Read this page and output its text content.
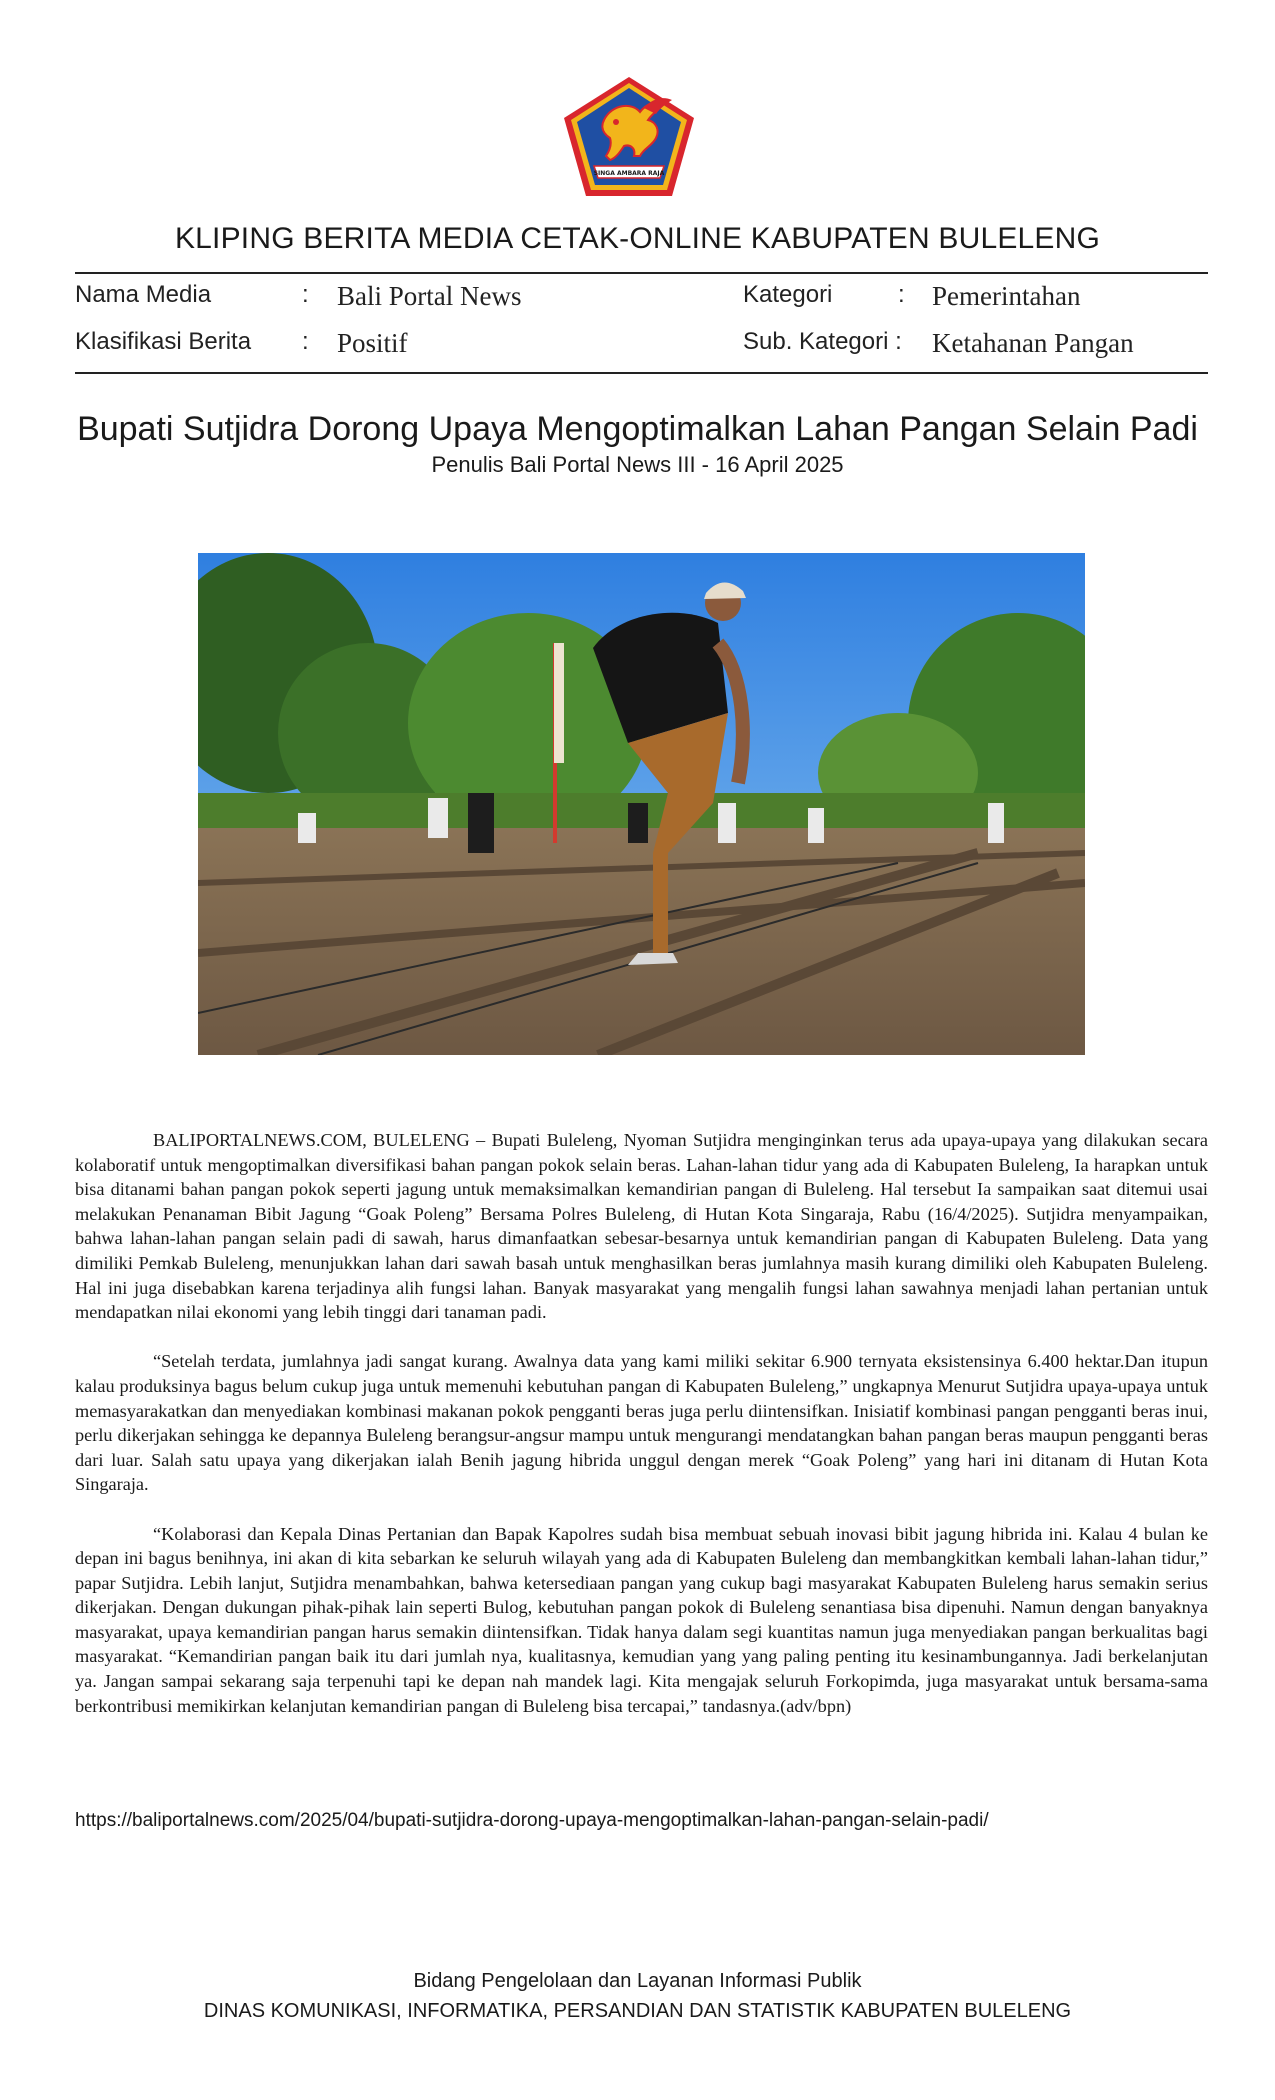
SINGA AMBARA RAJA
KLIPING BERITA MEDIA CETAK-ONLINE KABUPATEN BULELENG
Nama Media	: Bali Portal News	Kategori	: Pemerintahan
Klasifikasi Berita : Positif	Sub. Kategori : Ketahanan Pangan
Bupati Sutjidra Dorong Upaya Mengoptimalkan Lahan Pangan Selain Padi
Penulis Bali Portal News III - 16 April 2025

BALIPORTALNEWS.COM, BULELENG – Bupati Buleleng, Nyoman Sutjidra menginginkan terus ada upaya-upaya yang dilakukan secara kolaboratif untuk mengoptimalkan diversifikasi bahan pangan pokok selain beras. Lahan-lahan tidur yang ada di Kabupaten Buleleng, Ia harapkan untuk bisa ditanami bahan pangan pokok seperti jagung untuk memaksimalkan kemandirian pangan di Buleleng. Hal tersebut Ia sampaikan saat ditemui usai melakukan Penanaman Bibit Jagung “Goak Poleng” Bersama Polres Buleleng, di Hutan Kota Singaraja, Rabu (16/4/2025). Sutjidra menyampaikan, bahwa lahan-lahan pangan selain padi di sawah, harus dimanfaatkan sebesar-besarnya untuk kemandirian pangan di Kabupaten Buleleng. Data yang dimiliki Pemkab Buleleng, menunjukkan lahan dari sawah basah untuk menghasilkan beras jumlahnya masih kurang dimiliki oleh Kabupaten Buleleng. Hal ini juga disebabkan karena terjadinya alih fungsi lahan. Banyak masyarakat yang mengalih fungsi lahan sawahnya menjadi lahan pertanian untuk mendapatkan nilai ekonomi yang lebih tinggi dari tanaman padi.

“Setelah terdata, jumlahnya jadi sangat kurang. Awalnya data yang kami miliki sekitar 6.900 ternyata eksistensinya 6.400 hektar.Dan itupun kalau produksinya bagus belum cukup juga untuk memenuhi kebutuhan pangan di Kabupaten Buleleng,” ungkapnya Menurut Sutjidra upaya-upaya untuk memasyarakatkan dan menyediakan kombinasi makanan pokok pengganti beras juga perlu diintensifkan. Inisiatif kombinasi pangan pengganti beras inui, perlu dikerjakan sehingga ke depannya Buleleng berangsur-angsur mampu untuk mengurangi mendatangkan bahan pangan beras maupun pengganti beras dari luar. Salah satu upaya yang dikerjakan ialah Benih jagung hibrida unggul dengan merek “Goak Poleng” yang hari ini ditanam di Hutan Kota Singaraja.

“Kolaborasi dan Kepala Dinas Pertanian dan Bapak Kapolres sudah bisa membuat sebuah inovasi bibit jagung hibrida ini. Kalau 4 bulan ke depan ini bagus benihnya, ini akan di kita sebarkan ke seluruh wilayah yang ada di Kabupaten Buleleng dan membangkitkan kembali lahan-lahan tidur,” papar Sutjidra. Lebih lanjut, Sutjidra menambahkan, bahwa ketersediaan pangan yang cukup bagi masyarakat Kabupaten Buleleng harus semakin serius dikerjakan. Dengan dukungan pihak-pihak lain seperti Bulog, kebutuhan pangan pokok di Buleleng senantiasa bisa dipenuhi. Namun dengan banyaknya masyarakat, upaya kemandirian pangan harus semakin diintensifkan. Tidak hanya dalam segi kuantitas namun juga menyediakan pangan berkualitas bagi masyarakat. “Kemandirian pangan baik itu dari jumlah nya, kualitasnya, kemudian yang yang paling penting itu kesinambungannya. Jadi berkelanjutan ya. Jangan sampai sekarang saja terpenuhi tapi ke depan nah mandek lagi. Kita mengajak seluruh Forkopimda, juga masyarakat untuk bersama-sama berkontribusi memikirkan kelanjutan kemandirian pangan di Buleleng bisa tercapai,” tandasnya.(adv/bpn)

https://baliportalnews.com/2025/04/bupati-sutjidra-dorong-upaya-mengoptimalkan-lahan-pangan-selain-padi/
Bidang Pengelolaan dan Layanan Informasi Publik
DINAS KOMUNIKASI, INFORMATIKA, PERSANDIAN DAN STATISTIK KABUPATEN BULELENG
